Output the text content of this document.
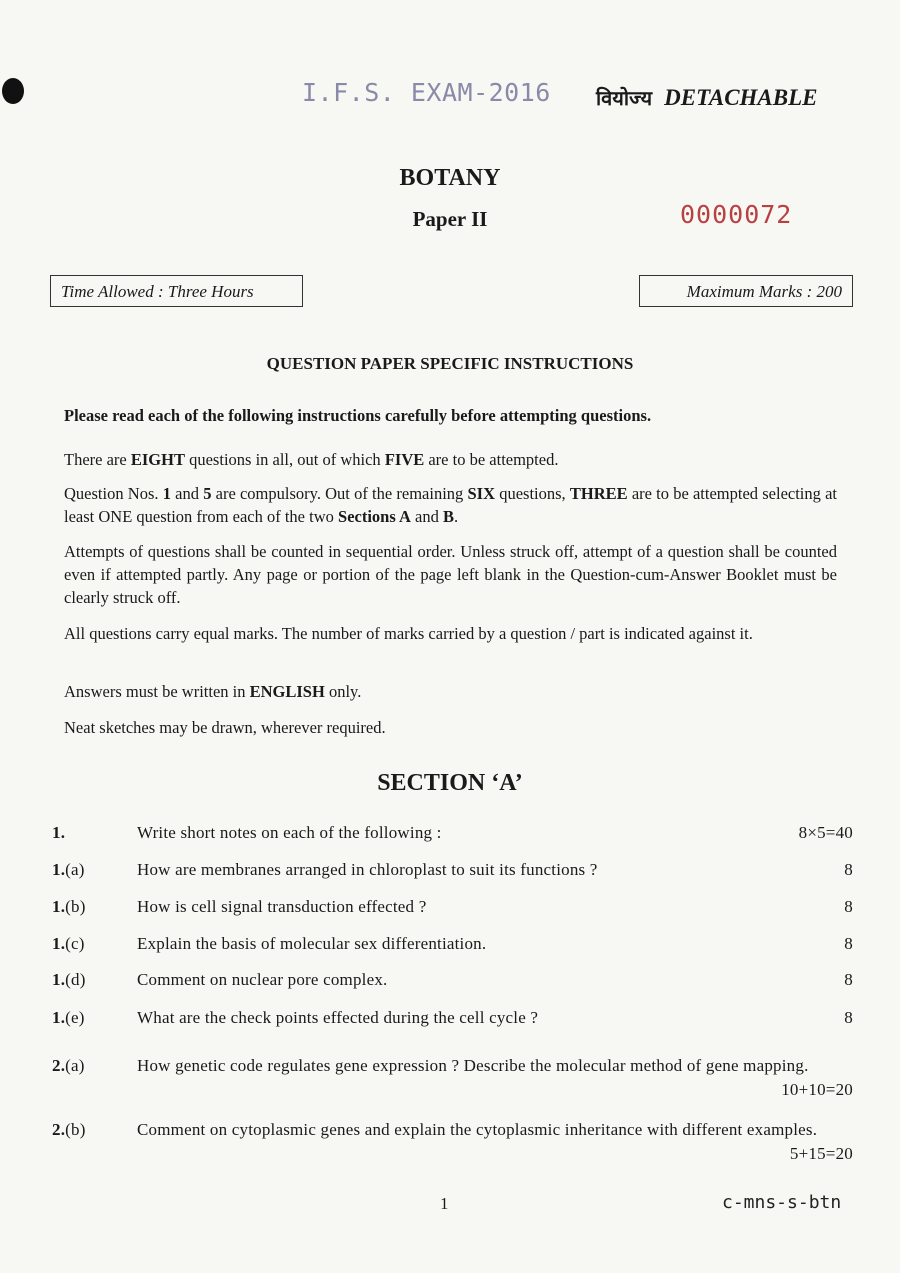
I.F.S. EXAM-2016 वियोज्य DETACHABLE
BOTANY
Paper II	0000072
Time Allowed : Three Hours	Maximum Marks : 200
QUESTION PAPER SPECIFIC INSTRUCTIONS
Please read each of the following instructions carefully before attempting questions.
There are EIGHT questions in all, out of which FIVE are to be attempted.
Question Nos. 1 and 5 are compulsory. Out of the remaining SIX questions, THREE are to be attempted selecting at least ONE question from each of the two Sections A and B.
Attempts of questions shall be counted in sequential order. Unless struck off, attempt of a question shall be counted even if attempted partly. Any page or portion of the page left blank in the Question-cum-Answer Booklet must be clearly struck off.
All questions carry equal marks. The number of marks carried by a question / part is indicated against it.
Answers must be written in ENGLISH only.
Neat sketches may be drawn, wherever required.
SECTION ‘A’
1.	Write short notes on each of the following :	8×5=40
1.(a)	How are membranes arranged in chloroplast to suit its functions ?	8
1.(b)	How is cell signal transduction effected ?	8
1.(c)	Explain the basis of molecular sex differentiation.	8
1.(d)	Comment on nuclear pore complex.	8
1.(e)	What are the check points effected during the cell cycle ?	8
2.(a)	How genetic code regulates gene expression ? Describe the molecular method of gene mapping.
10+10=20
2.(b)	Comment on cytoplasmic genes and explain the cytoplasmic inheritance with different examples.
5+15=20
1	c-mns-s-btn
